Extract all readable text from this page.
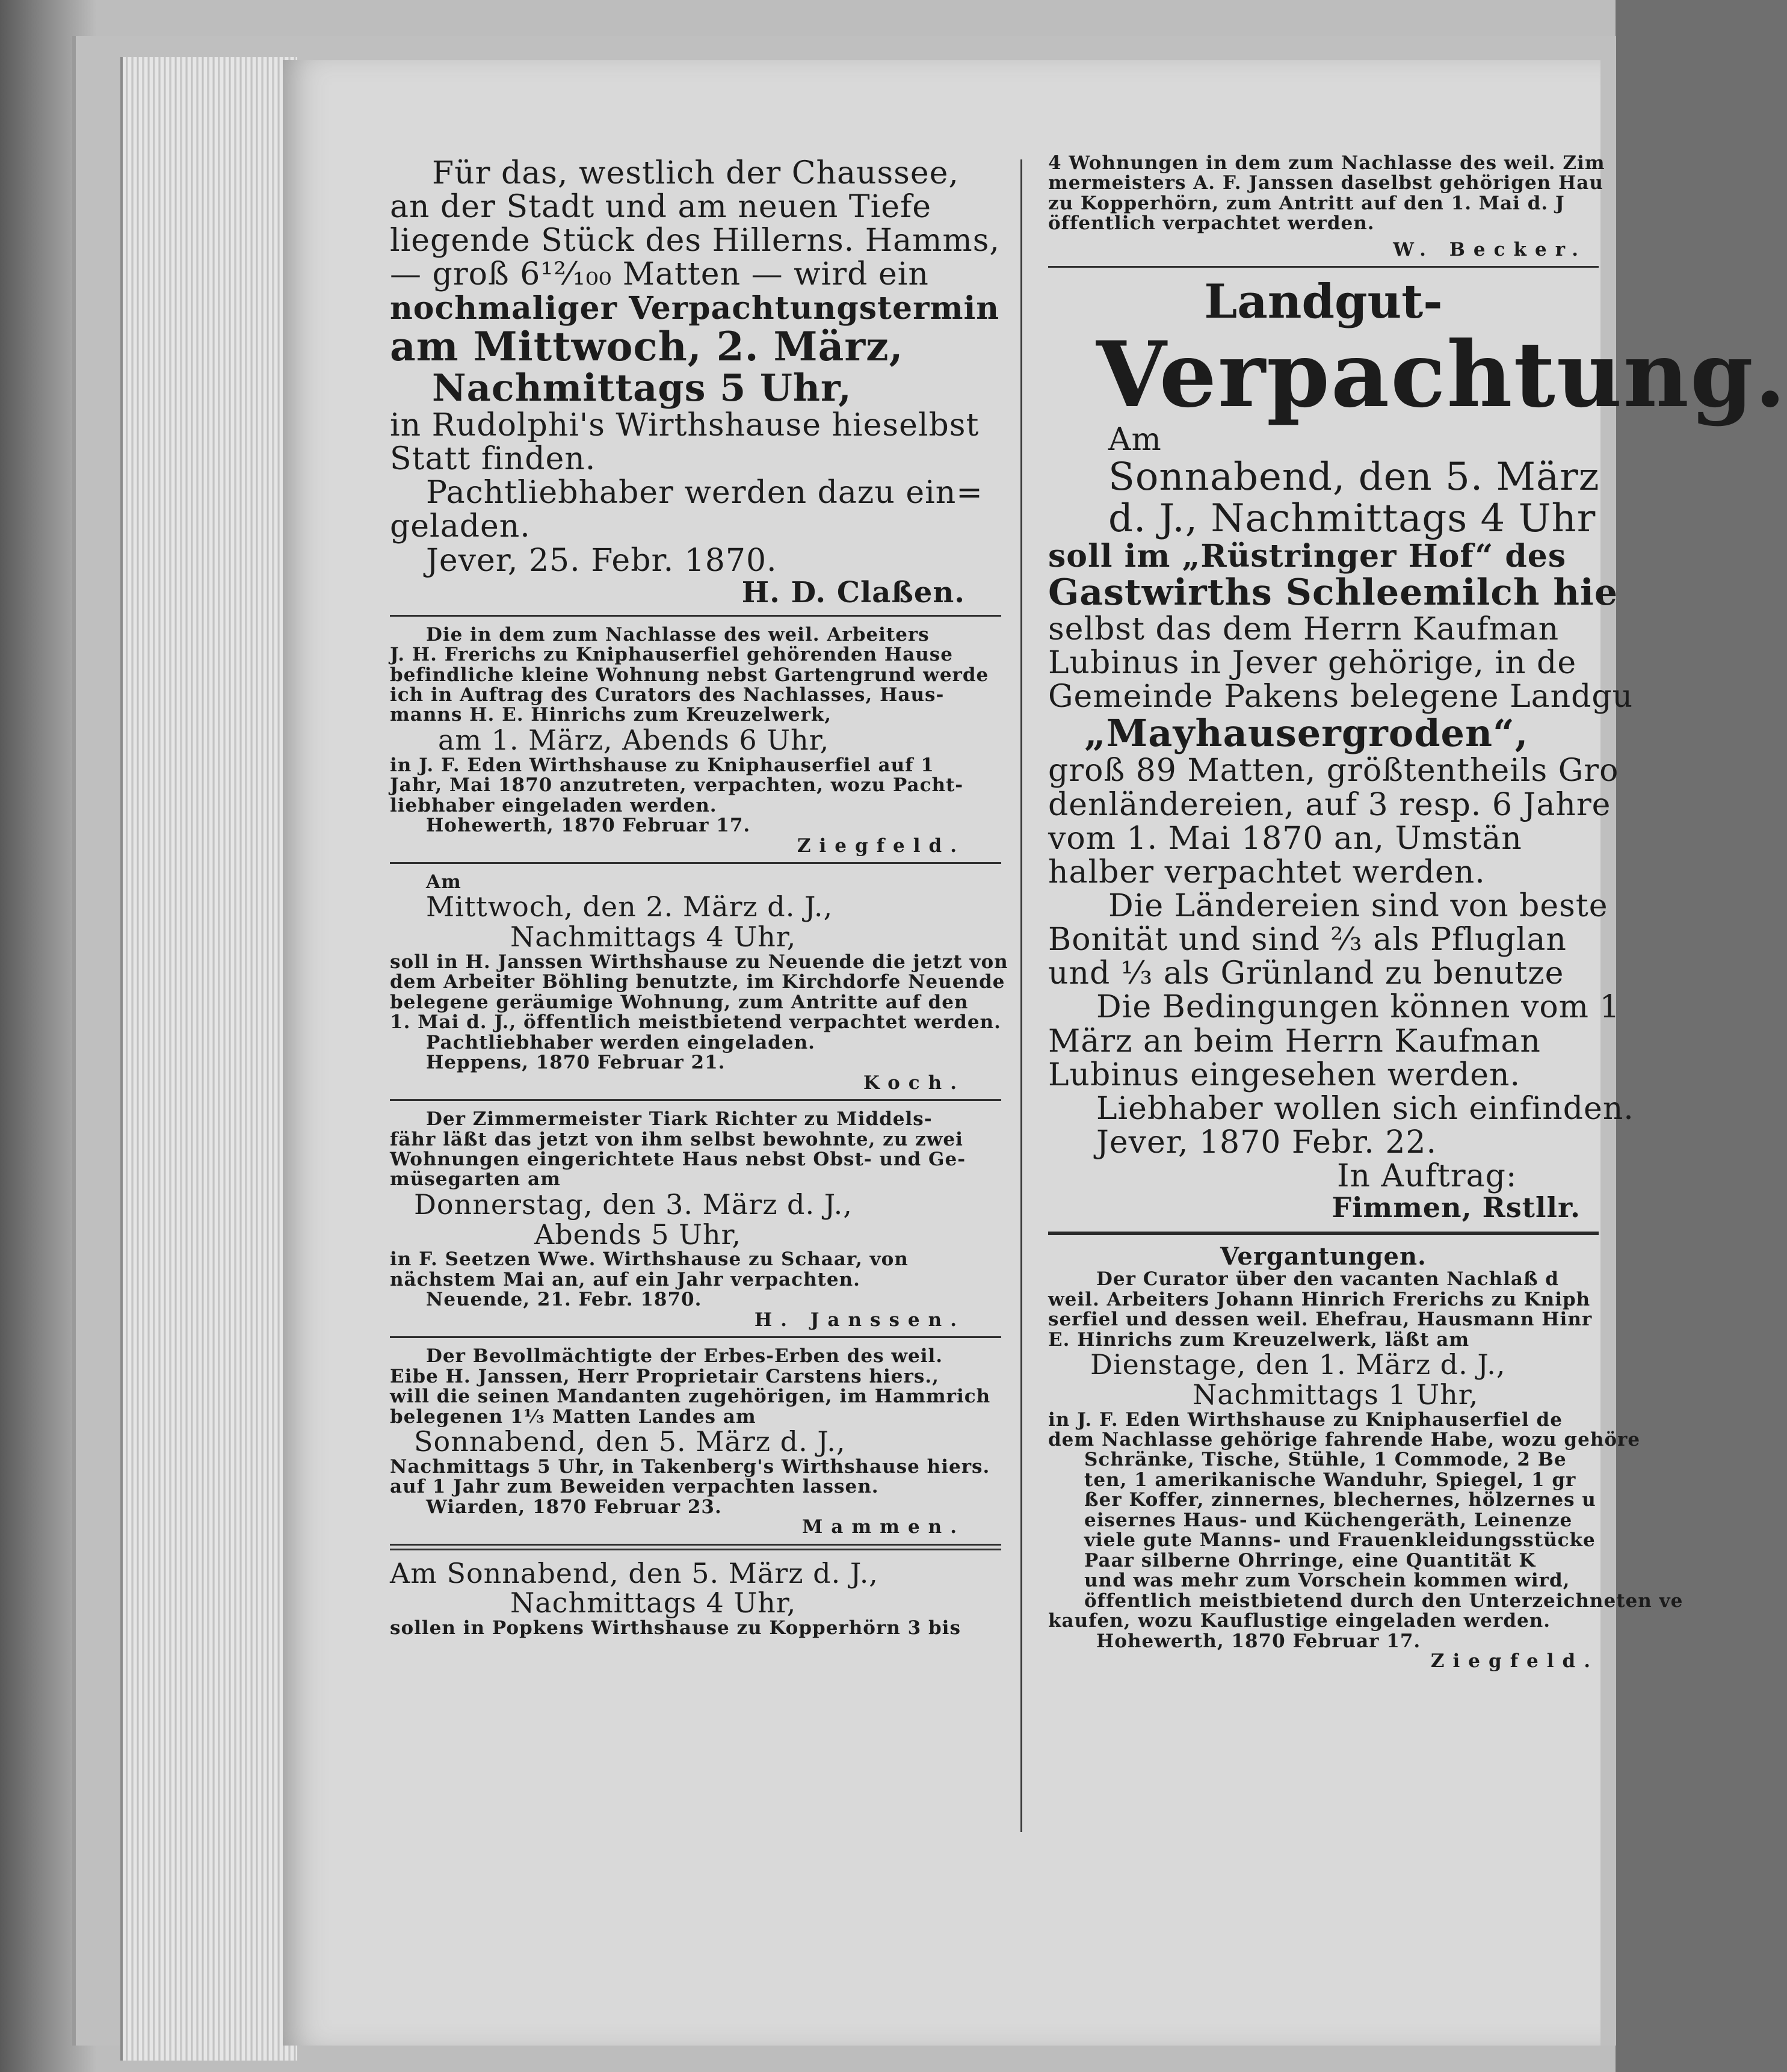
Für das, westlich der Chaussee,
an der Stadt und am neuen Tiefe
liegende Stück des Hillerns. Hamms,
— groß 6¹²⁄₁₀₀ Matten — wird ein
nochmaliger Verpachtungstermin
am Mittwoch, 2. März,
Nachmittags 5 Uhr,
in Rudolphi's Wirthshause hieselbst
Statt finden.
Pachtliebhaber werden dazu ein=
geladen.
Jever, 25. Febr. 1870.
H. D. Claßen.
Die in dem zum Nachlasse des weil. Arbeiters
J. H. Frerichs zu Kniphauserfiel gehörenden Hause
befindliche kleine Wohnung nebst Gartengrund werde
ich in Auftrag des Curators des Nachlasses, Haus-
manns H. E. Hinrichs zum Kreuzelwerk,
am 1. März, Abends 6 Uhr,
in J. F. Eden Wirthshause zu Kniphauserfiel auf 1
Jahr, Mai 1870 anzutreten, verpachten, wozu Pacht-
liebhaber eingeladen werden.
Hohewerth, 1870 Februar 17.
Ziegfeld.
Am
Mittwoch, den 2. März d. J.,
Nachmittags 4 Uhr,
soll in H. Janssen Wirthshause zu Neuende die jetzt von
dem Arbeiter Böhling benutzte, im Kirchdorfe Neuende
belegene geräumige Wohnung, zum Antritte auf den
1. Mai d. J., öffentlich meistbietend verpachtet werden.
Pachtliebhaber werden eingeladen.
Heppens, 1870 Februar 21.
Koch.
Der Zimmermeister Tiark Richter zu Middels-
fähr läßt das jetzt von ihm selbst bewohnte, zu zwei
Wohnungen eingerichtete Haus nebst Obst- und Ge-
müsegarten am
Donnerstag, den 3. März d. J.,
Abends 5 Uhr,
in F. Seetzen Wwe. Wirthshause zu Schaar, von
nächstem Mai an, auf ein Jahr verpachten.
Neuende, 21. Febr. 1870.
H. Janssen.
Der Bevollmächtigte der Erbes-Erben des weil.
Eibe H. Janssen, Herr Proprietair Carstens hiers.,
will die seinen Mandanten zugehörigen, im Hammrich
belegenen 1¹⁄₃ Matten Landes am
Sonnabend, den 5. März d. J.,
Nachmittags 5 Uhr, in Takenberg's Wirthshause hiers.
auf 1 Jahr zum Beweiden verpachten lassen.
Wiarden, 1870 Februar 23.
Mammen.
Am Sonnabend, den 5. März d. J.,
Nachmittags 4 Uhr,
sollen in Popkens Wirthshause zu Kopperhörn 3 bis
4 Wohnungen in dem zum Nachlasse des weil. Zim
mermeisters A. F. Janssen daselbst gehörigen Hau
zu Kopperhörn, zum Antritt auf den 1. Mai d. J
öffentlich verpachtet werden.
W. Becker.
Landgut-
Verpachtung.
Am
Sonnabend, den 5. März
d. J., Nachmittags 4 Uhr
soll im „Rüstringer Hof“ des
Gastwirths Schleemilch hie
selbst das dem Herrn Kaufman
Lubinus in Jever gehörige, in de
Gemeinde Pakens belegene Landgu
„Mayhausergroden“,
groß 89 Matten, größtentheils Gro
denländereien, auf 3 resp. 6 Jahre
vom 1. Mai 1870 an, Umstän
halber verpachtet werden.
Die Ländereien sind von beste
Bonität und sind ²⁄₃ als Pfluglan
und ¹⁄₃ als Grünland zu benutze
Die Bedingungen können vom 1
März an beim Herrn Kaufman
Lubinus eingesehen werden.
Liebhaber wollen sich einfinden.
Jever, 1870 Febr. 22.
In Auftrag:
Fimmen, Rstllr.
Vergantungen.
Der Curator über den vacanten Nachlaß d
weil. Arbeiters Johann Hinrich Frerichs zu Kniph
serfiel und dessen weil. Ehefrau, Hausmann Hinr
E. Hinrichs zum Kreuzelwerk, läßt am
Dienstage, den 1. März d. J.,
Nachmittags 1 Uhr,
in J. F. Eden Wirthshause zu Kniphauserfiel de
dem Nachlasse gehörige fahrende Habe, wozu gehöre
Schränke, Tische, Stühle, 1 Commode, 2 Be
ten, 1 amerikanische Wanduhr, Spiegel, 1 gr
ßer Koffer, zinnernes, blechernes, hölzernes u
eisernes Haus- und Küchengeräth, Leinenze
viele gute Manns- und Frauenkleidungsstücke
Paar silberne Ohrringe, eine Quantität K
und was mehr zum Vorschein kommen wird,
öffentlich meistbietend durch den Unterzeichneten ve
kaufen, wozu Kauflustige eingeladen werden.
Hohewerth, 1870 Februar 17.
Ziegfeld.
